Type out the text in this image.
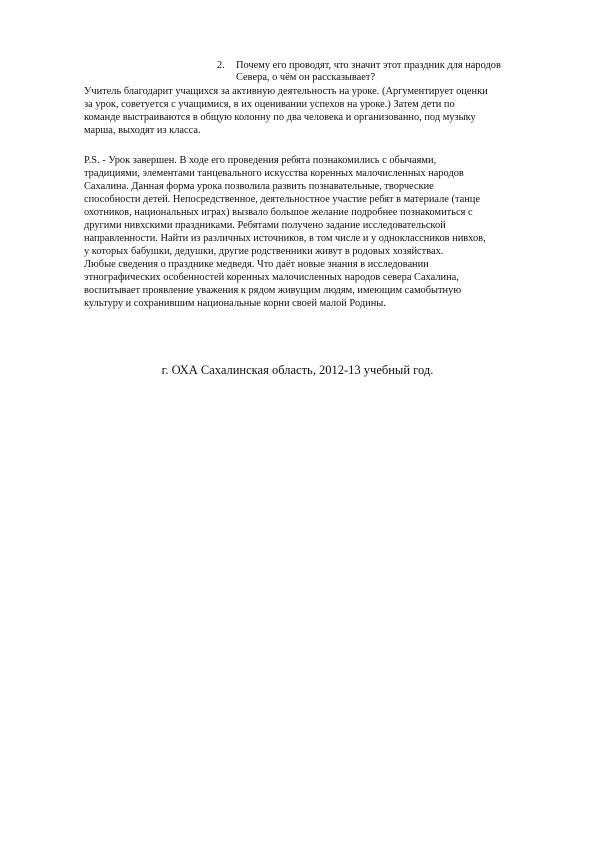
2. Почему его проводят, что значит этот праздник для народов
Севера, о чём он рассказывает?
Учитель благодарит учащихся за активную деятельность на уроке. (Аргументирует оценки
за урок, советуется с учащимися, в их оценивании успехов на уроке.) Затем дети по
команде выстраиваются в общую колонну по два человека и организованно, под музыку
марша, выходят из класса.
P.S. - Урок завершен. В ходе его проведения ребята познакомились с обычаями,
традициями, элементами танцевального искусства коренных малочисленных народов
Сахалина. Данная форма урока позволила развить познавательные, творческие
способности детей. Непосредственное, деятельностное участие ребят в материале (танце
охотников, национальных играх) вызвало большое желание подробнее познакомиться с
другими нивхскими праздниками. Ребятами получено задание исследовательской
направленности. Найти из различных источников, в том числе и у одноклассников нивхов,
у которых бабушки, дедушки, другие родственники живут в родовых хозяйствах.
Любые сведения о празднике медведя. Что даёт новые знания в исследовании
этнографических особенностей коренных малочисленных народов севера Сахалина,
воспитывает проявление уважения к рядом живущим людям, имеющим самобытную
культуру и сохранившим национальные корни своей малой Родины.
г. ОХА Сахалинская область, 2012-13 учебный год.
